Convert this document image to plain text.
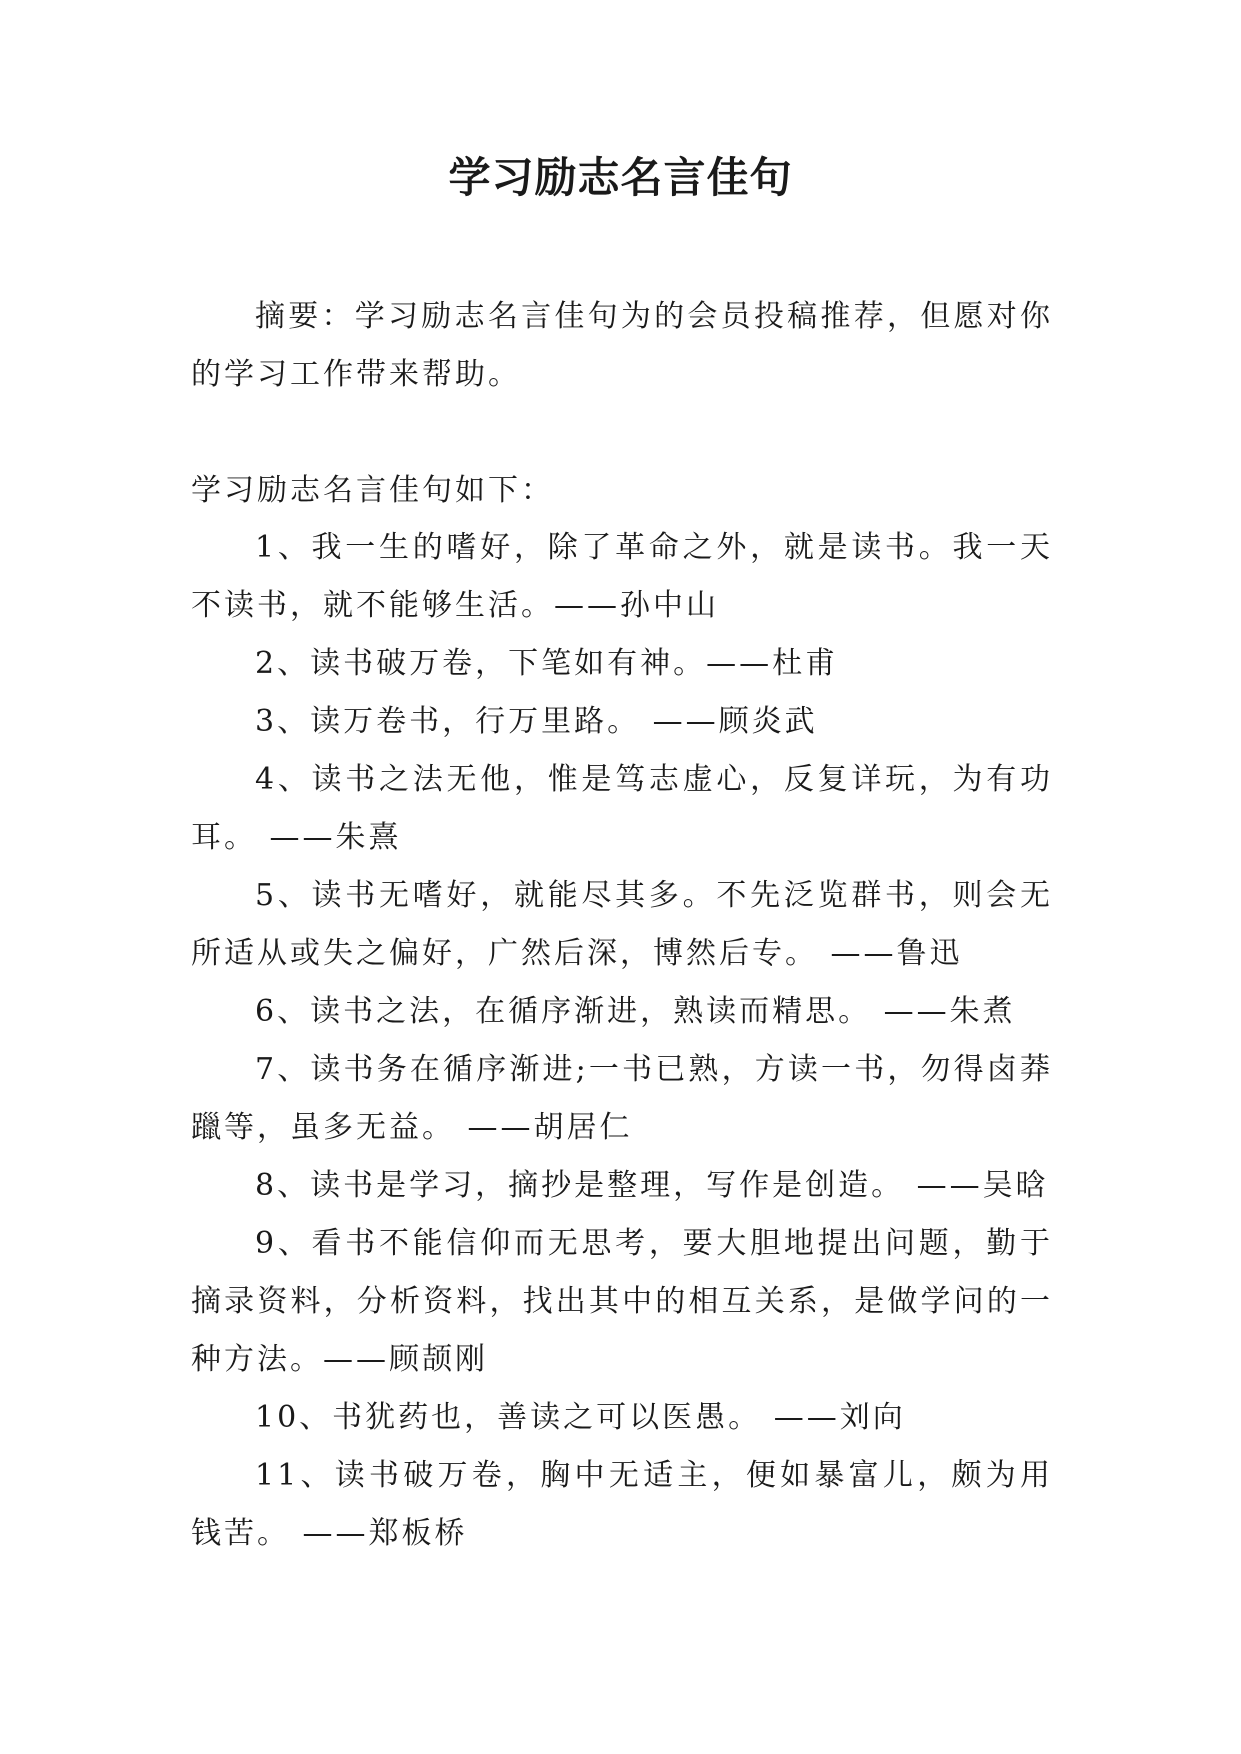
学习励志名言佳句

摘要：学习励志名言佳句为的会员投稿推荐，但愿对你的学习工作带来帮助。

学习励志名言佳句如下：

1、我一生的嗜好，除了革命之外，就是读书。我一天不读书，就不能够生活。——孙中山

2、读书破万卷，下笔如有神。——杜甫

3、读万卷书，行万里路。 ——顾炎武

4、读书之法无他，惟是笃志虚心，反复详玩，为有功耳。 ——朱熹

5、读书无嗜好，就能尽其多。不先泛览群书，则会无所适从或失之偏好，广然后深，博然后专。 ——鲁迅

6、读书之法，在循序渐进，熟读而精思。 ——朱煮

7、读书务在循序渐进;一书已熟，方读一书，勿得卤莽躐等，虽多无益。 ——胡居仁

8、读书是学习，摘抄是整理，写作是创造。 ——吴晗

9、看书不能信仰而无思考，要大胆地提出问题，勤于摘录资料，分析资料，找出其中的相互关系，是做学问的一种方法。——顾颉刚

10、书犹药也，善读之可以医愚。 ——刘向

11、读书破万卷，胸中无适主，便如暴富儿，颇为用钱苦。 ——郑板桥
